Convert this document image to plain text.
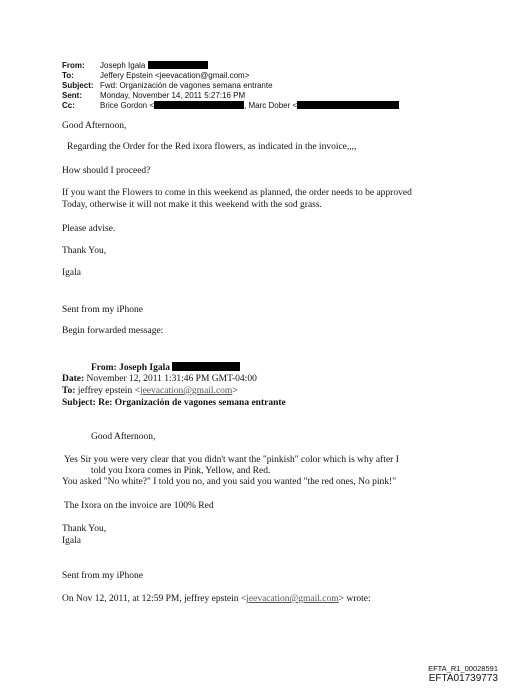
From: Joseph Igala
To:	Jeffery Epstein <jeevacation@gmail.com>
Subject: Fwd: Organización de vagones semana entrante
Sent: Monday, November 14, 2011 5:27:16 PM
Cc:	Brice Gordon <	, Marc Dober <
Good Afternoon,
Regarding the Order for the Red ixora flowers, as indicated in the invoice,,,,
How should I proceed?
If you want the Flowers to come in this weekend as planned, the order needs to be approved
Today, otherwise it will not make it this weekend with the sod grass.
Please advise.
Thank You,
Igala
Sent from my iPhone
Begin forwarded message:
From: Joseph Igala
Date: November 12, 2011 1:31:46 PM GMT-04:00
To: jeffrey epstein <jeevacation@gmail.com>
Subject: Re: Organización de vagones semana entrante
Good Afternoon,
Yes Sir you were very clear that you didn't want the "pinkish" color which is why after I
told you Ixora comes in Pink, Yellow, and Red.
You asked "No white?" I told you no, and you said you wanted "the red ones, No pink!"
The Ixora on the invoice are 100% Red
Thank You,
Igala
Sent from my iPhone
On Nov 12, 2011, at 12:59 PM, jeffrey epstein <jeevacation@gmail.com> wrote:
EFTA_R1_00028591
EFTA01739773
